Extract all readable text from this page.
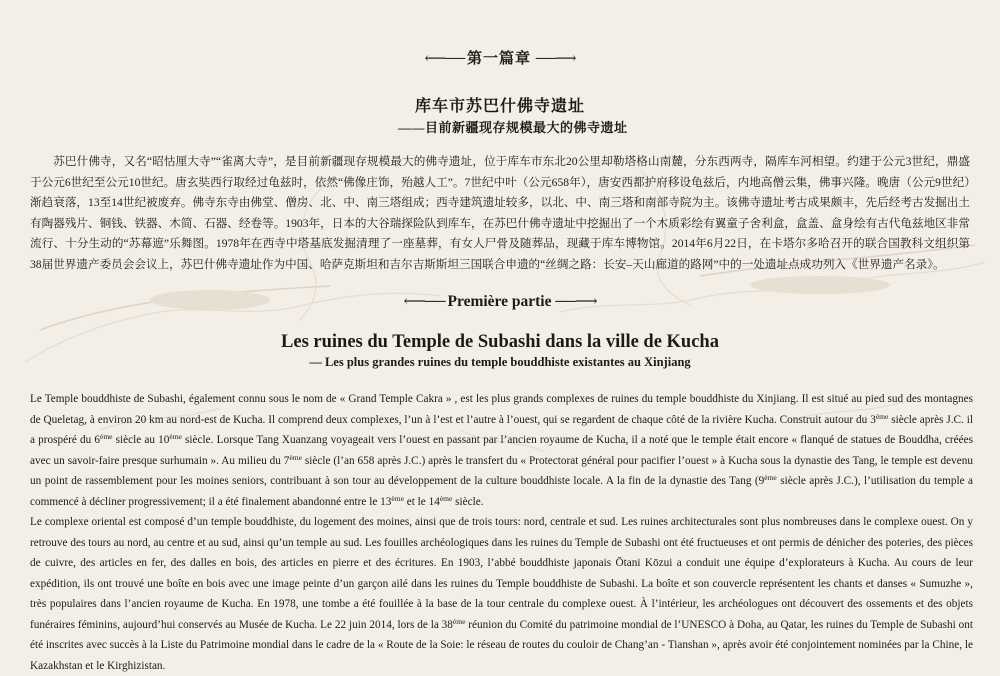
⟵── 第一篇章 ──⟶
库车市苏巴什佛寺遗址
——目前新疆现存规模最大的佛寺遗址
苏巴什佛寺，又名“昭怙厘大寺”“雀离大寺”，是目前新疆现存规模最大的佛寺遗址，位于库车市东北20公里却勒塔格山南麓，分东西两寺，隔库车河相望。约建于公元3世纪，鼎盛于公元6世纪至公元10世纪。唐玄奘西行取经过龟兹时，依然“佛像庄饰，殆越人工”。7世纪中叶（公元658年），唐安西都护府移设龟兹后，内地高僧云集，佛事兴隆。晚唐（公元9世纪）渐趋衰落，13至14世纪被废弃。佛寺东寺由佛堂、僧房、北、中、南三塔组成；西寺建筑遗址较多，以北、中、南三塔和南部寺院为主。该佛寺遗址考古成果颇丰，先后经考古发掘出土有陶器残片、铜钱、铁器、木简、石器、经卷等。1903年，日本的大谷瑞探险队到库车，在苏巴什佛寺遗址中挖掘出了一个木质彩绘有翼童子舍利盒，盒盖、盒身绘有古代龟兹地区非常流行、十分生动的“苏幕遮”乐舞图。1978年在西寺中塔基底发掘清理了一座墓葬，有女人尸骨及随葬品，现藏于库车博物馆。2014年6月22日，在卡塔尔多哈召开的联合国教科文组织第38届世界遗产委员会会议上，苏巴什佛寺遗址作为中国、哈萨克斯坦和吉尔吉斯斯坦三国联合申遗的“丝绸之路：长安–天山廊道的路网”中的一处遗址点成功列入《世界遗产名录》。
⟵── Première partie ──⟶
Les ruines du Temple de Subashi dans la ville de Kucha
— Les plus grandes ruines du temple bouddhiste existantes au Xinjiang

Le Temple bouddhiste de Subashi, également connu sous le nom de « Grand Temple Cakra » , est les plus grands complexes de ruines du temple bouddhiste du Xinjiang. Il est situé au pied sud des montagnes de Queletag, à environ 20 km au nord-est de Kucha. Il comprend deux complexes, l’un à l’est et l’autre à l’ouest, qui se regardent de chaque côté de la rivière Kucha. Construit autour du 3ème siècle après J.C. il a prospéré du 6ème siècle au 10ème siècle. Lorsque Tang Xuanzang voyageait vers l’ouest en passant par l’ancien royaume de Kucha, il a noté que le temple était encore « flanqué de statues de Bouddha, créées avec un savoir-faire presque surhumain ». Au milieu du 7ème siècle (l’an 658 après J.C.) après le transfert du « Protectorat général pour pacifier l’ouest » à Kucha sous la dynastie des Tang, le temple est devenu un point de rassemblement pour les moines seniors, contribuant à son tour au développement de la culture bouddhiste locale. A la fin de la dynastie des Tang (9ème siècle après J.C.), l’utilisation du temple a commencé à décliner progressivement; il a été finalement abandonné entre le 13ème et le 14ème siècle.

Le complexe oriental est composé d’un temple bouddhiste, du logement des moines, ainsi que de trois tours: nord, centrale et sud. Les ruines architecturales sont plus nombreuses dans le complexe ouest. On y retrouve des tours au nord, au centre et au sud, ainsi qu’un temple au sud. Les fouilles archéologiques dans les ruines du Temple de Subashi ont été fructueuses et ont permis de dénicher des poteries, des pièces de cuivre, des articles en fer, des dalles en bois, des articles en pierre et des écritures. En 1903, l’abbé bouddhiste japonais Ōtani Kōzui a conduit une équipe d’explorateurs à Kucha. Au cours de leur expédition, ils ont trouvé une boîte en bois avec une image peinte d’un garçon ailé dans les ruines du Temple bouddhiste de Subashi. La boîte et son couvercle représentent les chants et danses « Sumuzhe », très populaires dans l’ancien royaume de Kucha. En 1978, une tombe a été fouillée à la base de la tour centrale du complexe ouest. À l’intérieur, les archéologues ont découvert des ossements et des objets funéraires féminins, aujourd’hui conservés au Musée de Kucha. Le 22 juin 2014, lors de la 38ème réunion du Comité du patrimoine mondial de l’UNESCO à Doha, au Qatar, les ruines du Temple de Subashi ont été inscrites avec succès à la Liste du Patrimoine mondial dans le cadre de la « Route de la Soie: le réseau de routes du couloir de Chang’an - Tianshan », après avoir été conjointement nominées par la Chine, le Kazakhstan et le Kirghizistan.
